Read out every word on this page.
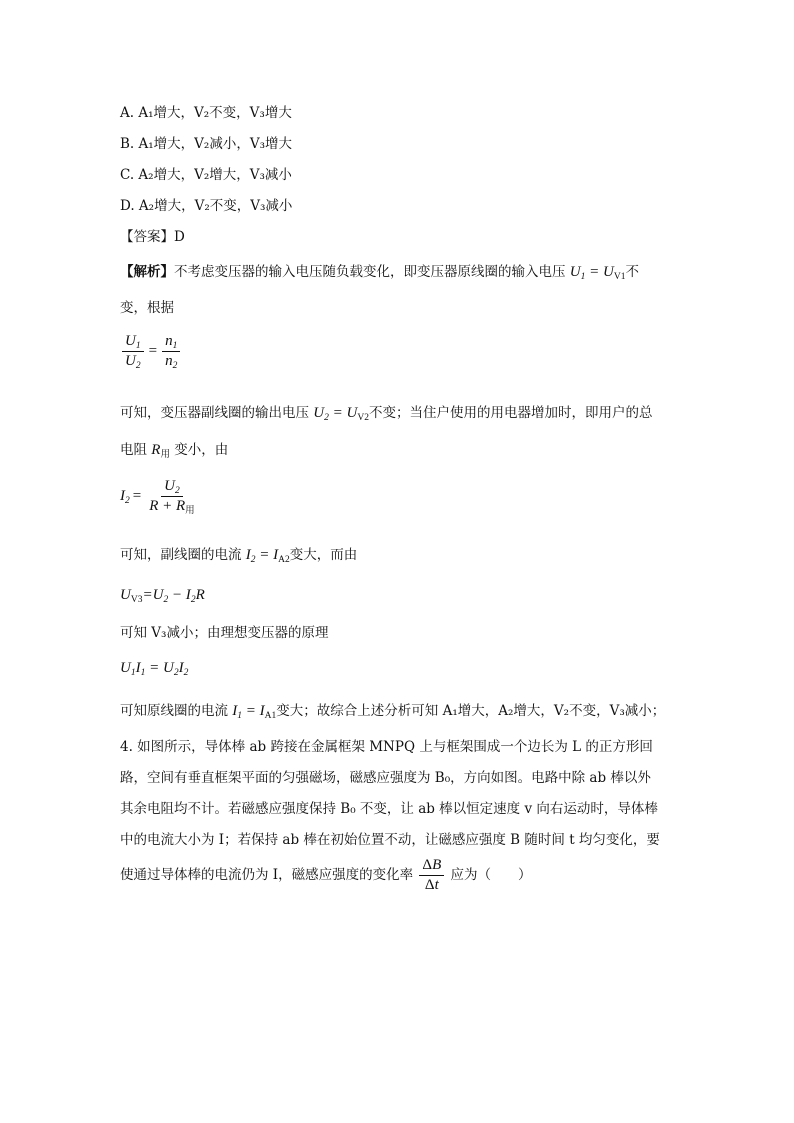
A. A₁增大，V₂不变，V₃增大
B. A₁增大，V₂减小，V₃增大
C. A₂增大，V₂增大，V₃减小
D. A₂增大，V₂不变，V₃减小
【答案】D
【解析】不考虑变压器的输入电压随负载变化，即变压器原线圈的输入电压 $U_1 = U_{V1}$不
变，根据
$\frac{U_1}{U_2} = \frac{n_1}{n_2}$
可知，变压器副线圈的输出电压 $U_2 = U_{V2}$不变；当住户使用的用电器增加时，即用户的总
电阻 $R_用$ 变小，由
$I_2 = \frac{U_2}{R + R_用}$
可知，副线圈的电流 $I_2 = I_{A2}$变大，而由
$U_{V3}=U_2 - I_2R$
可知 V₃减小；由理想变压器的原理
$U_1I_1 = U_2I_2$
可知原线圈的电流 $I_1 = I_{A1}$变大；故综合上述分析可知 A₁增大，A₂增大，V₂不变，V₃减小；
4. 如图所示，导体棒 ab 跨接在金属框架 MNPQ 上与框架围成一个边长为 L 的正方形回
路，空间有垂直框架平面的匀强磁场，磁感应强度为 B₀，方向如图。电路中除 ab 棒以外
其余电阻均不计。若磁感应强度保持 B₀ 不变，让 ab 棒以恒定速度 v 向右运动时，导体棒
中的电流大小为 I；若保持 ab 棒在初始位置不动，让磁感应强度 B 随时间 t 均匀变化，要
使通过导体棒的电流仍为 I，磁感应强度的变化率 $\frac{\Delta B}{\Delta t}$ 应为（　　）
